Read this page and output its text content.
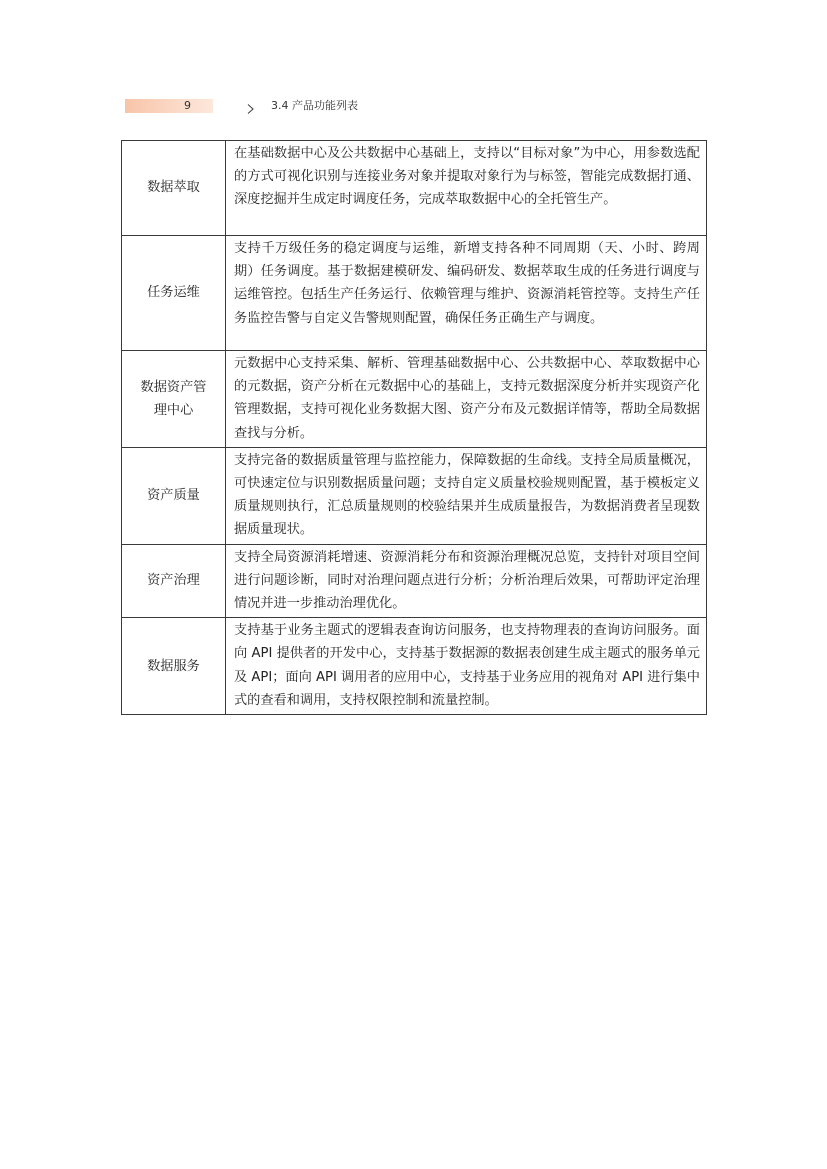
9	3.4 产品功能列表
数据萃取	在基础数据中心及公共数据中心基础上，支持以“目标对象”为中心，用参数选配的方式可视化识别与连接业务对象并提取对象行为与标签，智能完成数据打通、深度挖掘并生成定时调度任务，完成萃取数据中心的全托管生产。
任务运维	支持千万级任务的稳定调度与运维，新增支持各种不同周期（天、小时、跨周期）任务调度。基于数据建模研发、编码研发、数据萃取生成的任务进行调度与运维管控。包括生产任务运行、依赖管理与维护、资源消耗管控等。支持生产任务监控告警与自定义告警规则配置，确保任务正确生产与调度。
数据资产管理中心	元数据中心支持采集、解析、管理基础数据中心、公共数据中心、萃取数据中心的元数据，资产分析在元数据中心的基础上，支持元数据深度分析并实现资产化管理数据，支持可视化业务数据大图、资产分布及元数据详情等，帮助全局数据查找与分析。
资产质量	支持完备的数据质量管理与监控能力，保障数据的生命线。支持全局质量概况，可快速定位与识别数据质量问题；支持自定义质量校验规则配置，基于模板定义质量规则执行，汇总质量规则的校验结果并生成质量报告，为数据消费者呈现数据质量现状。
资产治理	支持全局资源消耗增速、资源消耗分布和资源治理概况总览，支持针对项目空间进行问题诊断，同时对治理问题点进行分析；分析治理后效果，可帮助评定治理情况并进一步推动治理优化。
数据服务	支持基于业务主题式的逻辑表查询访问服务，也支持物理表的查询访问服务。面向 API 提供者的开发中心，支持基于数据源的数据表创建生成主题式的服务单元及 API；面向 API 调用者的应用中心，支持基于业务应用的视角对 API 进行集中式的查看和调用，支持权限控制和流量控制。
